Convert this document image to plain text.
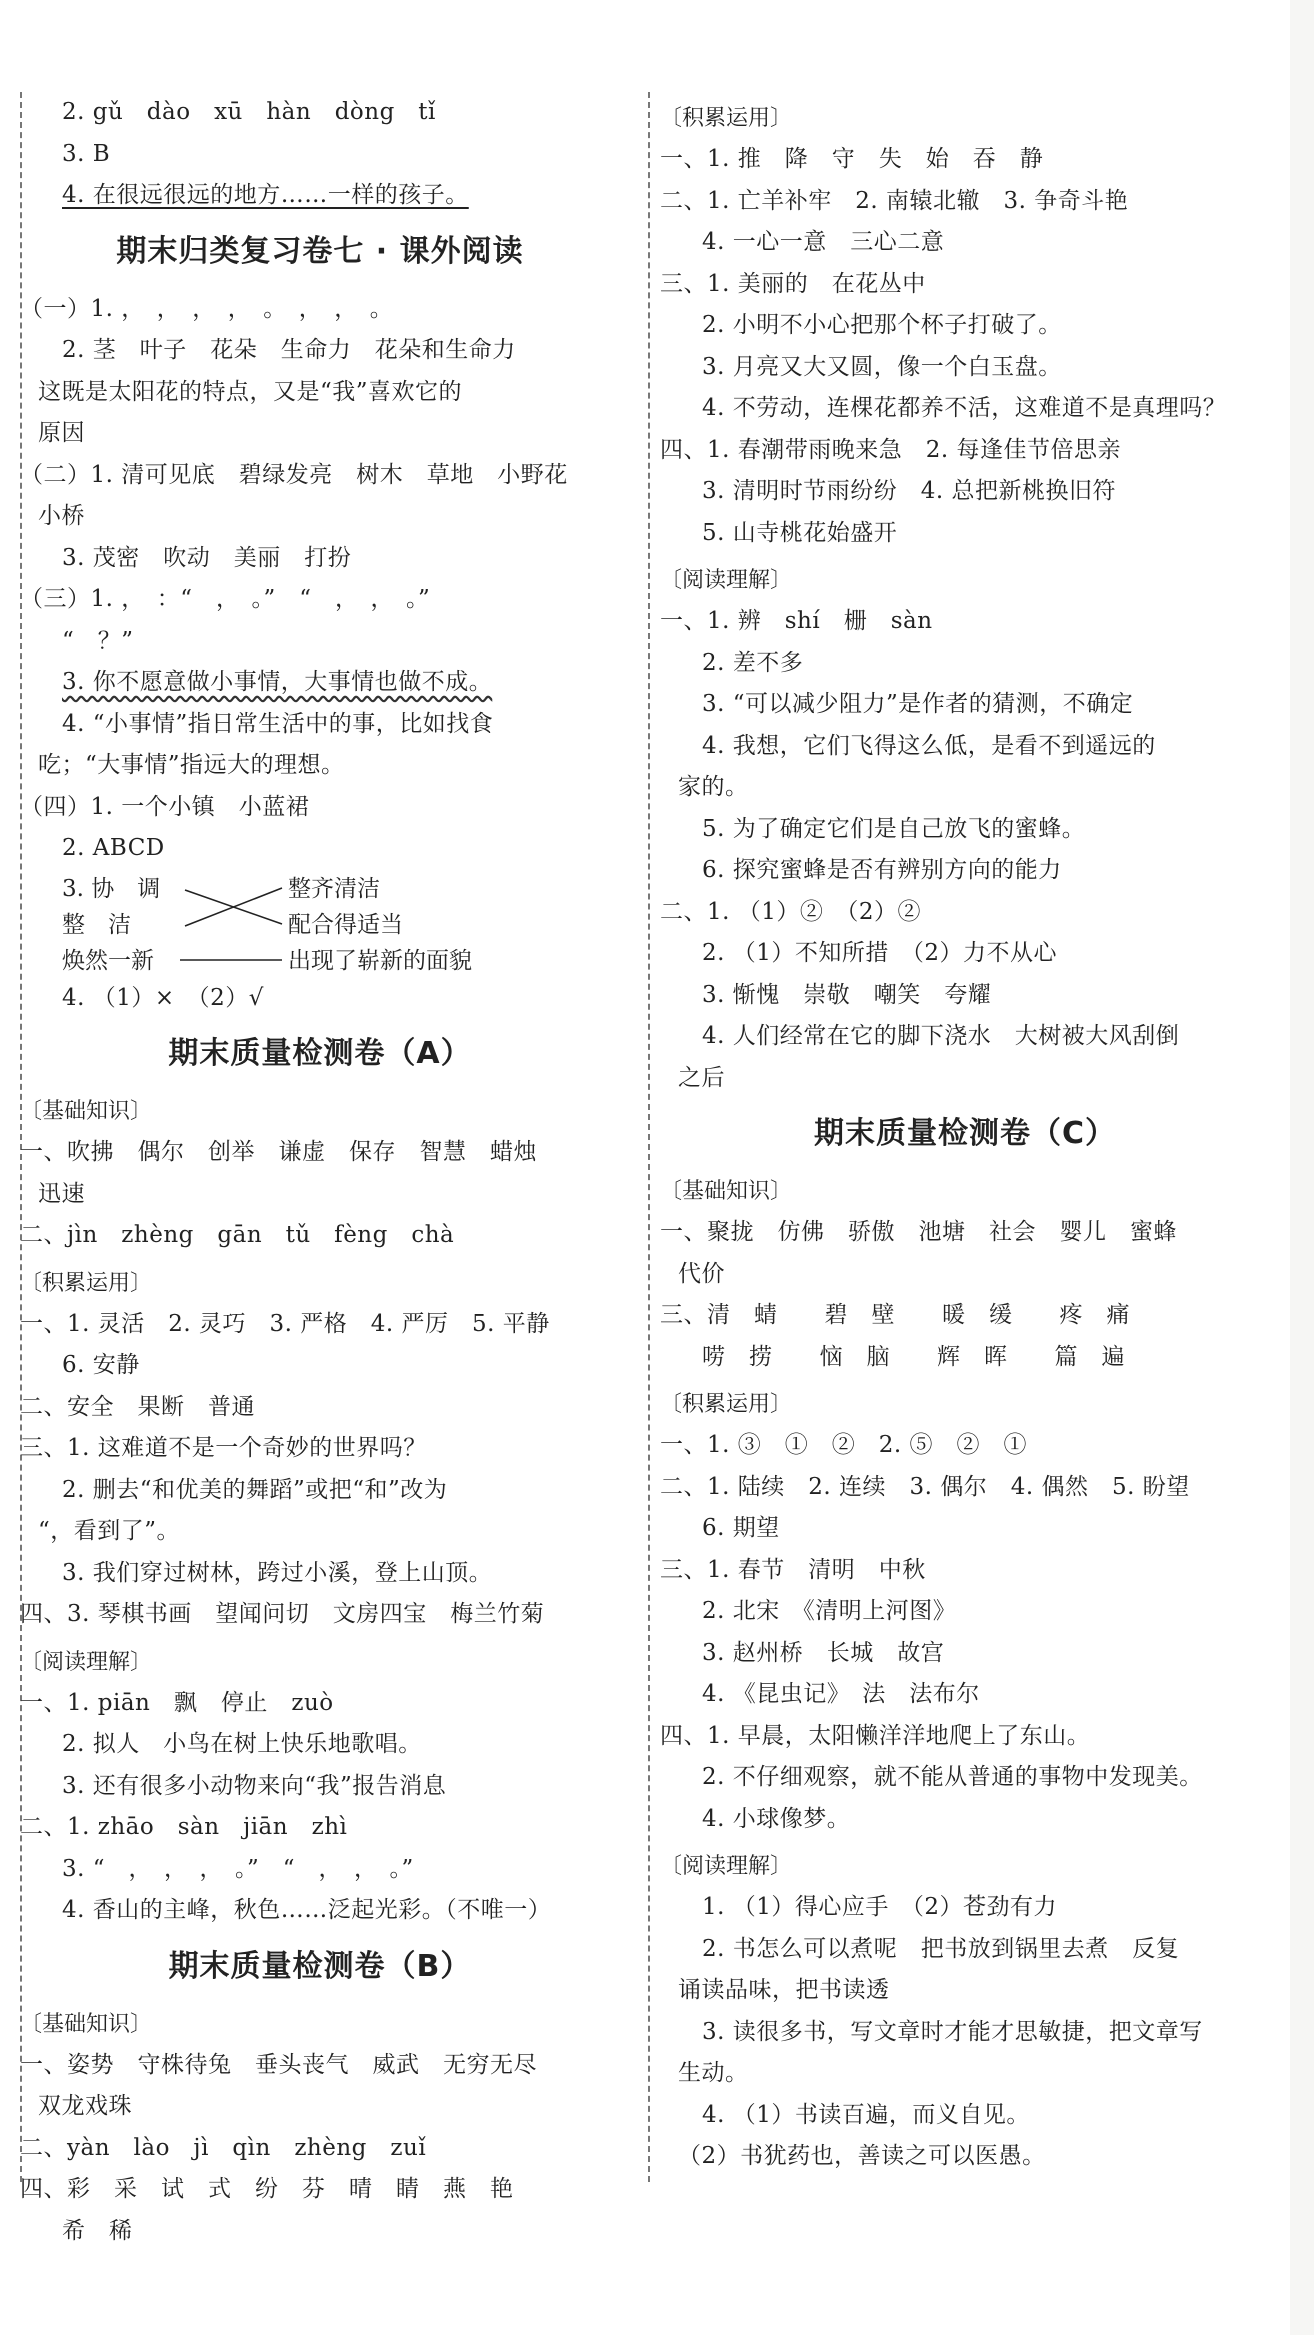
2. gǔ　dào　xū　hàn　dòng　tǐ
3. B
4. 在很远很远的地方……一样的孩子。
期末归类复习卷七 · 课外阅读
（一）1. ，　，　，　，　。　，　，　。
2. 茎　叶子　花朵　生命力　花朵和生命力
这既是太阳花的特点，又是“我”喜欢它的
原因
（二）1. 清可见底　碧绿发亮　树木　草地　小野花
小桥
3. 茂密　吹动　美丽　打扮
（三）1. ，　：“　，　。”　“　，　，　。”
“　？”
3. 你不愿意做小事情，大事情也做不成。
4. “小事情”指日常生活中的事，比如找食
吃；“大事情”指远大的理想。
（四）1. 一个小镇　小蓝裙
2. ABCD
3. 协　调
整　洁
焕然一新
整齐清洁
配合得适当
出现了崭新的面貌
4. （1）×　（2）√
期末质量检测卷（A）
〔基础知识〕
一、吹拂　偶尔　创举　谦虚　保存　智慧　蜡烛
迅速
二、jìn　zhèng　gān　tǔ　fèng　chà
〔积累运用〕
一、1. 灵活　2. 灵巧　3. 严格　4. 严厉　5. 平静
6. 安静
二、安全　果断　普通
三、1. 这难道不是一个奇妙的世界吗？
2. 删去“和优美的舞蹈”或把“和”改为
“，看到了”。
3. 我们穿过树林，跨过小溪，登上山顶。
四、3. 琴棋书画　望闻问切　文房四宝　梅兰竹菊
〔阅读理解〕
一、1. piān　飘　停止　zuò
2. 拟人　小鸟在树上快乐地歌唱。
3. 还有很多小动物来向“我”报告消息
二、1. zhāo　sàn　jiān　zhì
3. “　，　，　，　。”　“　，　，　。”
4. 香山的主峰，秋色……泛起光彩。（不唯一）
期末质量检测卷（B）
〔基础知识〕
一、姿势　守株待兔　垂头丧气　威武　无穷无尽
双龙戏珠
二、yàn　lào　jì　qìn　zhèng　zuǐ
四、彩　采　试　式　纷　芬　晴　睛　燕　艳
希　稀
〔积累运用〕
一、1. 推　降　守　失　始　吞　静
二、1. 亡羊补牢　2. 南辕北辙　3. 争奇斗艳
4. 一心一意　三心二意
三、1. 美丽的　在花丛中
2. 小明不小心把那个杯子打破了。
3. 月亮又大又圆，像一个白玉盘。
4. 不劳动，连棵花都养不活，这难道不是真理吗？
四、1. 春潮带雨晚来急　2. 每逢佳节倍思亲
3. 清明时节雨纷纷　4. 总把新桃换旧符
5. 山寺桃花始盛开
〔阅读理解〕
一、1. 辨　shí　栅　sàn
2. 差不多
3. “可以减少阻力”是作者的猜测，不确定
4. 我想，它们飞得这么低，是看不到遥远的
家的。
5. 为了确定它们是自己放飞的蜜蜂。
6. 探究蜜蜂是否有辨别方向的能力
二、1. （1）②　（2）②
2. （1）不知所措　（2）力不从心
3. 惭愧　崇敬　嘲笑　夸耀
4. 人们经常在它的脚下浇水　大树被大风刮倒
之后
期末质量检测卷（C）
〔基础知识〕
一、聚拢　仿佛　骄傲　池塘　社会　婴儿　蜜蜂
代价
三、清　蜻　　碧　壁　　暖　缓　　疼　痛
唠　捞　　恼　脑　　辉　晖　　篇　遍
〔积累运用〕
一、1. ③　①　②　2. ⑤　②　①
二、1. 陆续　2. 连续　3. 偶尔　4. 偶然　5. 盼望
6. 期望
三、1. 春节　清明　中秋
2. 北宋　《清明上河图》
3. 赵州桥　长城　故宫
4. 《昆虫记》　法　法布尔
四、1. 早晨，太阳懒洋洋地爬上了东山。
2. 不仔细观察，就不能从普通的事物中发现美。
4. 小球像梦。
〔阅读理解〕
1. （1）得心应手　（2）苍劲有力
2. 书怎么可以煮呢　把书放到锅里去煮　反复
诵读品味，把书读透
3. 读很多书，写文章时才能才思敏捷，把文章写
生动。
4. （1）书读百遍，而义自见。
（2）书犹药也，善读之可以医愚。
